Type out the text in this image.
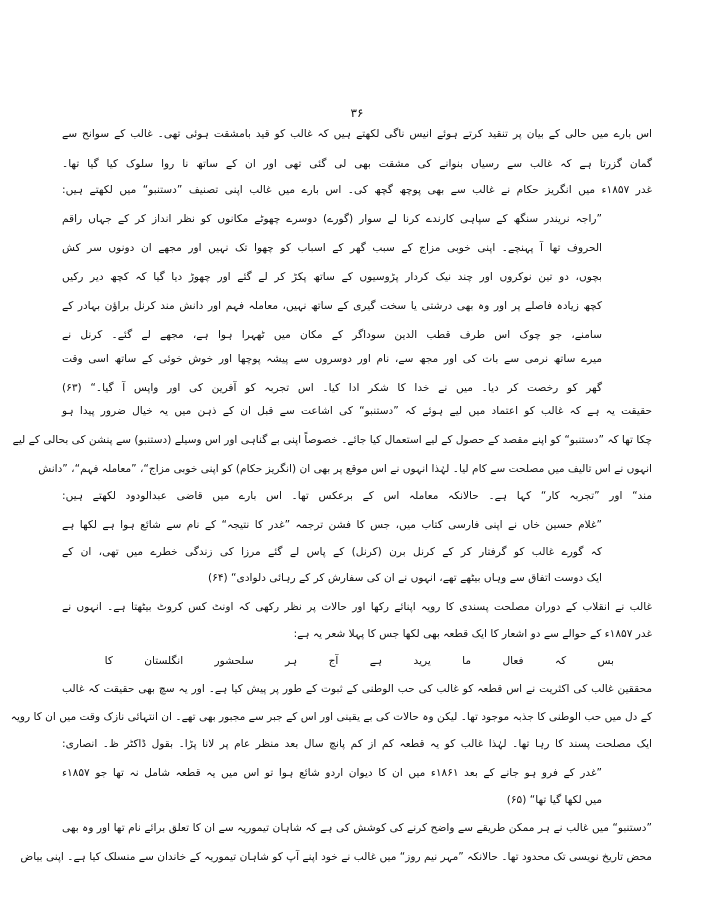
۳۶
اس بارے میں حالی کے بیان پر تنقید کرتے ہوئے انیس ناگی لکھتے ہیں کہ غالب کو قید بامشقت ہوئی تھی۔ غالب کے سوانح سے
گمان گزرتا ہے کہ غالب سے رسیاں بنوانے کی مشقت بھی لی گئی تھی اور ان کے ساتھ نا روا سلوک کیا گیا تھا۔
غدر ۱۸۵۷ء میں انگریز حکام نے غالب سے بھی پوچھ گچھ کی۔ اس بارے میں غالب اپنی تصنیف ”دستنبو“ میں لکھتے ہیں:
”راجہ نریندر سنگھ کے سپاہی کارندے کرنا لے سوار (گورے) دوسرے چھوٹے مکانوں کو نظر انداز کر کے جہاں راقم
الحروف تھا آ پہنچے۔ اپنی خوبی مزاج کے سبب گھر کے اسباب کو چھوا تک نہیں اور مجھے ان دونوں سر کش
بچوں، دو تین نوکروں اور چند نیک کردار پڑوسیوں کے ساتھ پکڑ کر لے گئے اور چھوڑ دیا گیا کہ کچھ دیر رکیں
کچھ زیادہ فاصلے پر اور وہ بھی درشتی یا سخت گیری کے ساتھ نہیں، معاملہ فہم اور دانش مند کرنل براؤن بہادر کے
سامنے، جو چوک اس طرف قطب الدین سوداگر کے مکان میں ٹھہرا ہوا ہے، مجھے لے گئے۔ کرنل نے
میرے ساتھ نرمی سے بات کی اور مجھ سے، نام اور دوسروں سے پیشہ پوچھا اور خوش خوئی کے ساتھ اسی وقت
گھر کو رخصت کر دیا۔ میں نے خدا کا شکر ادا کیا۔ اس تجربہ کو آفرین کی اور واپس آ گیا۔“ (۶۳)
حقیقت یہ ہے کہ غالب کو اعتماد میں لیے ہوئے کہ ”دستنبو“ کی اشاعت سے قبل ان کے ذہن میں یہ خیال ضرور پیدا ہو
چکا تھا کہ ”دستنبو“ کو اپنے مقصد کے حصول کے لیے استعمال کیا جائے۔ خصوصاً اپنی بے گناہی اور اس وسیلے (دستنبو) سے پنشن کی بحالی کے لیے
انہوں نے اس تالیف میں مصلحت سے کام لیا۔ لہٰذا انہوں نے اس موقع پر بھی ان (انگریز حکام) کو اپنی خوبی مزاج“، ”معاملہ فہم“، ”دانش
مند“ اور ”تجربہ کار“ کہا ہے۔ حالانکہ معاملہ اس کے برعکس تھا۔ اس بارے میں قاضی عبدالودود لکھتے ہیں:
”غلام حسین خاں نے اپنی فارسی کتاب میں، جس کا فشن ترجمہ ”غدر کا نتیجہ“ کے نام سے شائع ہوا ہے لکھا ہے
کہ گورے غالب کو گرفتار کر کے کرنل برن (کرنل) کے پاس لے گئے مرزا کی زندگی خطرے میں تھی، ان کے
ایک دوست اتفاق سے وہاں بیٹھے تھے، انہوں نے ان کی سفارش کر کے رہائی دلوادی“ (۶۴)
غالب نے انقلاب کے دوران مصلحت پسندی کا رویہ اپنائے رکھا اور حالات پر نظر رکھی کہ اونٹ کس کروٹ بیٹھتا ہے۔ انہوں نے
غدر ۱۸۵۷ء کے حوالے سے دو اشعار کا ایک قطعہ بھی لکھا جس کا پہلا شعر یہ ہے:
بس کہ فعال ما یرید ہے آج ہر سلحشور انگلستان کا
محققین غالب کی اکثریت نے اس قطعہ کو غالب کی حب الوطنی کے ثبوت کے طور پر پیش کیا ہے۔ اور یہ سچ بھی حقیقت کہ غالب
کے دل میں حب الوطنی کا جذبہ موجود تھا۔ لیکن وہ حالات کی بے یقینی اور اس کے جبر سے مجبور بھی تھے۔ ان انتہائی نازک وقت میں ان کا رویہ
ایک مصلحت پسند کا رہا تھا۔ لہٰذا غالب کو یہ قطعہ کم از کم پانچ سال بعد منظر عام پر لانا پڑا۔ بقول ڈاکٹر ظ۔ انصاری:
”غدر کے فرو ہو جانے کے بعد ۱۸۶۱ء میں ان کا دیوان اردو شائع ہوا تو اس میں یہ قطعہ شامل نہ تھا جو ۱۸۵۷ء
میں لکھا گیا تھا“ (۶۵)
”دستنبو“ میں غالب نے ہر ممکن طریقے سے واضح کرنے کی کوشش کی ہے کہ شاہان تیموریہ سے ان کا تعلق برائے نام تھا اور وہ بھی
محض تاریخ نویسی تک محدود تھا۔ حالانکہ ”مہر نیم روز“ میں غالب نے خود اپنے آپ کو شاہان تیموریہ کے خاندان سے منسلک کیا ہے۔ اپنی بیاض
